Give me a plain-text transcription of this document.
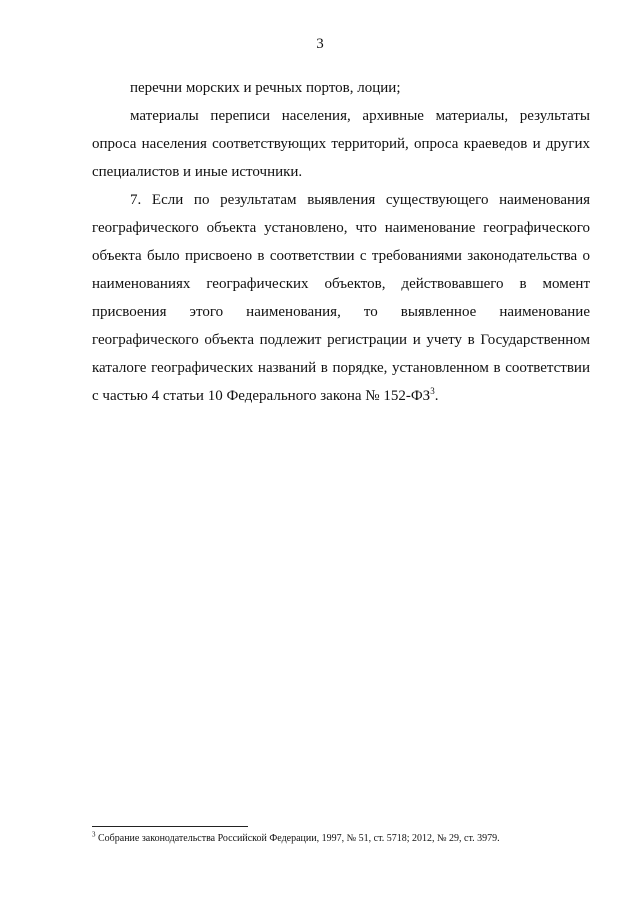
3

перечни морских и речных портов, лоции;

материалы переписи населения, архивные материалы, результаты опроса населения соответствующих территорий, опроса краеведов и других специалистов и иные источники.

7. Если по результатам выявления существующего наименования географического объекта установлено, что наименование географического объекта было присвоено в соответствии с требованиями законодательства о наименованиях географических объектов, действовавшего в момент присвоения этого наименования, то выявленное наименование географического объекта подлежит регистрации и учету в Государственном каталоге географических названий в порядке, установленном в соответствии с частью 4 статьи 10 Федерального закона № $152-ФЗ^3$.

$^3$ Собрание законодательства Российской Федерации, 1997, № 51, ст. 5718; 2012, № 29, ст. 3979.
